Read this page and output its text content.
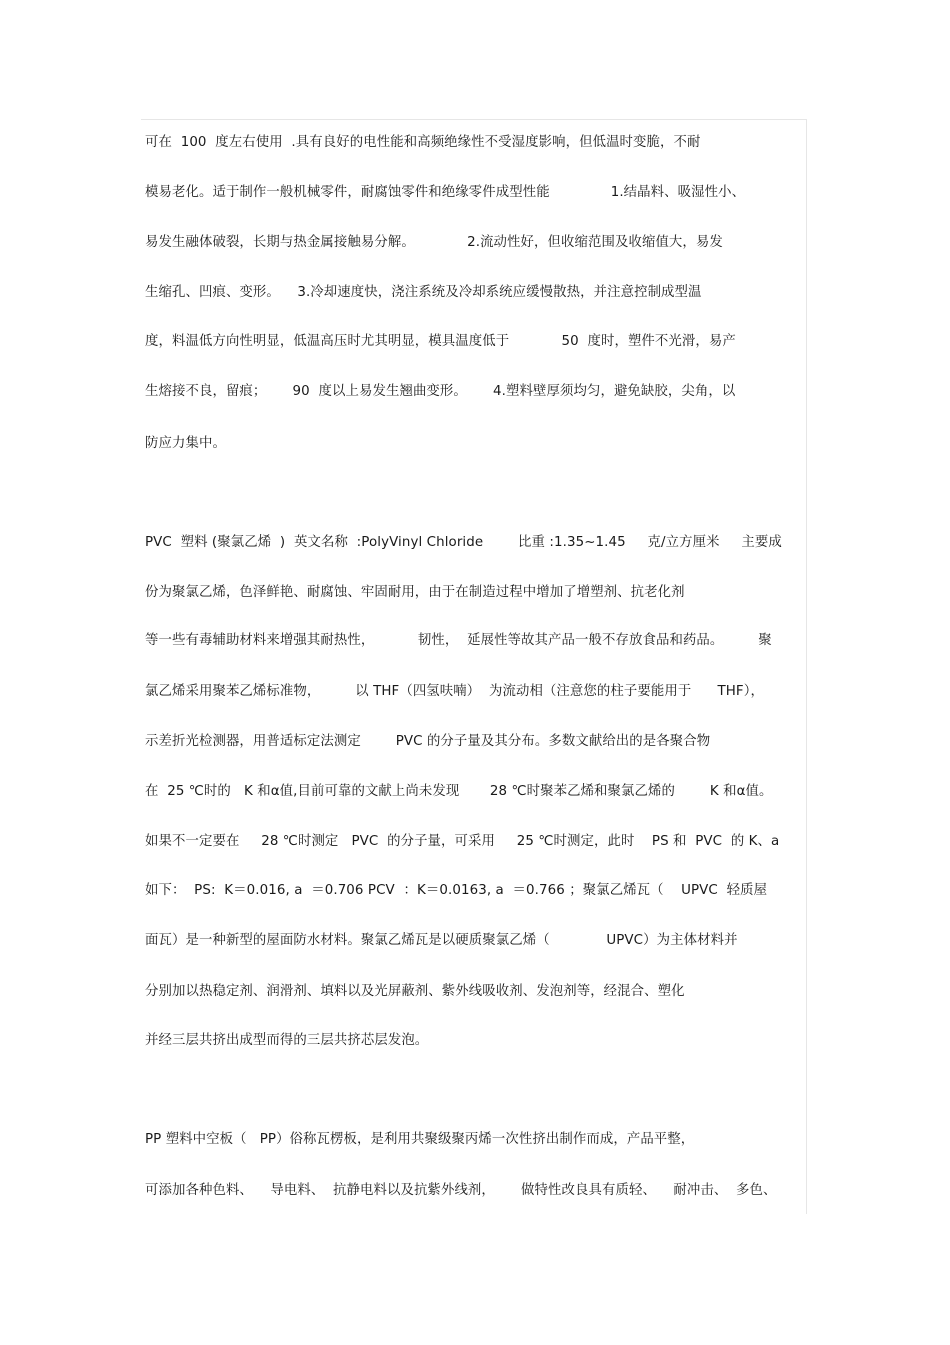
可在  100  度左右使用  .具有良好的电性能和高频绝缘性不受湿度影响，但低温时变脆，不耐
模易老化。适于制作一般机械零件，耐腐蚀零件和绝缘零件成型性能              1.结晶料、吸湿性小、
易发生融体破裂，长期与热金属接触易分解。            2.流动性好，但收缩范围及收缩值大，易发
生缩孔、凹痕、变形。    3.冷却速度快，浇注系统及冷却系统应缓慢散热，并注意控制成型温
度，料温低方向性明显，低温高压时尤其明显，模具温度低于            50  度时，塑件不光滑，易产
生熔接不良，留痕；      90  度以上易发生翘曲变形。      4.塑料壁厚须均匀，避免缺胶，尖角，以
防应力集中。
PVC  塑料 (聚氯乙烯  )  英文名称  :PolyVinyl Chloride        比重 :1.35~1.45     克/立方厘米     主要成
份为聚氯乙烯，色泽鲜艳、耐腐蚀、牢固耐用，由于在制造过程中增加了增塑剂、抗老化剂
等一些有毒辅助材料来增强其耐热性，          韧性，  延展性等故其产品一般不存放食品和药品。        聚
氯乙烯采用聚苯乙烯标准物，        以 THF（四氢呋喃）  为流动相（注意您的柱子要能用于      THF），
示差折光检测器，用普适标定法测定        PVC 的分子量及其分布。多数文献给出的是各聚合物
在  25 ℃时的   K 和α值,目前可靠的文献上尚未发现       28 ℃时聚苯乙烯和聚氯乙烯的        K 和α值。
如果不一定要在     28 ℃时测定   PVC  的分子量，可采用     25 ℃时测定，此时    PS 和  PVC  的 K、a
如下：  PS:  K＝0.016, a  ＝0.706 PCV  ：K＝0.0163, a  ＝0.766 ；聚氯乙烯瓦（    UPVC  轻质屋
面瓦）是一种新型的屋面防水材料。聚氯乙烯瓦是以硬质聚氯乙烯（             UPVC）为主体材料并
分别加以热稳定剂、润滑剂、填料以及光屏蔽剂、紫外线吸收剂、发泡剂等，经混合、塑化
并经三层共挤出成型而得的三层共挤芯层发泡。
PP 塑料中空板（   PP）俗称瓦楞板，是利用共聚级聚丙烯一次性挤出制作而成，产品平整，
可添加各种色料、    导电料、  抗静电料以及抗紫外线剂，      做特性改良具有质轻、    耐冲击、  多色、
